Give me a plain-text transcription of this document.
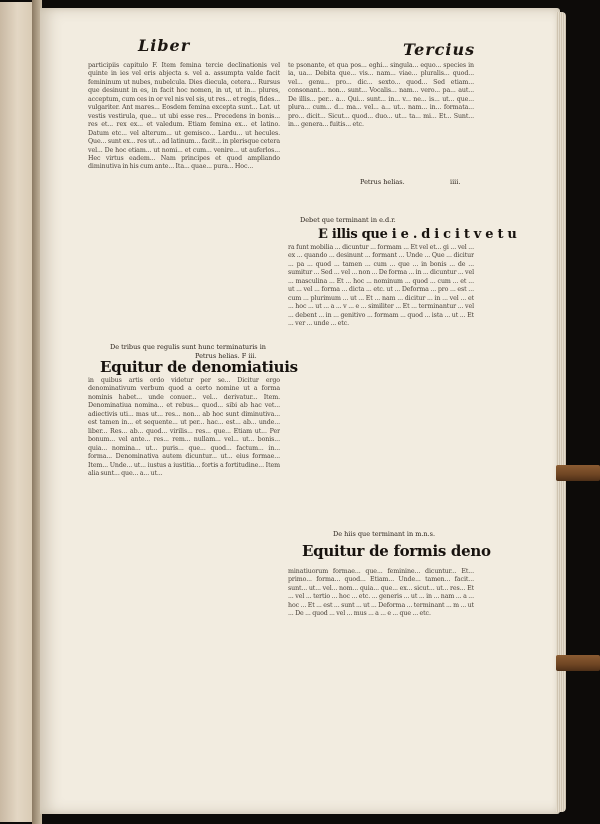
Liber	Tercius

participiis capitulo F. Item femina tercie declinationis vel quinte in ies vel eris abjecta s. vel a. assumpta valde facit femininum ut nubes, nubelcula. Dies diecula, cetera... Rursus que desinunt in es, in facit hoc nomen, in ut, ut in... plures, acceptum, cum ces in or vel nis vel sis, ut res... et regis, fides... vulgariter. Ant mares... Eosdem femina excepta sunt... Lat. ut vestis vestirula, que... ut ubi esse res... Precedens in bonis... res et... rex ex... et valedum. Etiam femina ex... et latino. Datum etc... vel alterum... ut gemisco... Lardu... ut hecules. Que... sunt ex... res ut... ad latinum... facit... in plerisque cetera vel... De hoc etiam... ut nomi... et cum... venire... ut auferlos... Hec virtus eadem... Nam principes et quod ampliando diminutiva in his cum ante... Ita... quae... pura... Hoc...

De tribus que regulis sunt hunc terminaturis in
Petrus helias. F iii.
Equitur de denomiatiuis

in quibus artis ordo videtur per se... Dicitur ergo denominativum verbum quod a certo nomine ut a forma nominis habet... unde conuer... vel... derivatur... Item. Denominatiua nomina... et rebus... quod... sibi ab hac vet... adiectivis uti... mas ut... res... non... ab hoc sunt diminutiva... est tamen in... et sequente... ut per... hac... est... ab... unde... liber... Res... ab... quod... virilis... res... que... Etiam ut... Per bonum... vel ante... res... rem... nullam... vel... ut... bonis... quia... nomina... ut... puris... que... quod... factum... in... forma... Denominativa autem dicuntur... ut... eius formae... Item... Unde... ut... iustus a iustitia... fortis a fortitudine... Item alia sunt... que... a... ut...

te psonante, et qua pos... eghi... singula... equo... species in ia, ua... Debita que... vis... nam... viae... pluralis... quod... vel... genu... pro... dic... sexto... quod... Sed etiam... consonant... non... sunt... Vocalis... nam... vero... pa... aut... De illis... per... a... Qui... sunt... in... v... ne... is... ut... que... plura... cum... d... ma... vel... a... ut... nam... in... formata... pro... dicit... Sicut... quod... duo... ut... ta... mi... Et... Sunt... in... genera... fuitis... etc.

Petrus helias.	iiii.
Debet que terminant in e.d.r.
E illis que i e . d i c i t v e t u

ra funt mobilia ... dicuntur ... formam ... Et vel et... gi ... vel ... ex ... quando ... desinunt ... formant ... Unde ... Que ... dicitur ... pa ... quod ... tamen ... cum ... que ... in bonis ... de ... sumitur ... Sed ... vel ... non ... De forma ... in ... dicuntur ... vel ... masculina ... Et ... hoc ... nominum ... quod ... cum ... et ... ut ... vel ... forma ... dicta ... etc. ut ... Deforma ... pro ... est ... cum ... plurimum ... ut ... Et ... nam ... dicitur ... in ... vel ... et ... hoc ... ut ... a ... v ... e ... similiter ... Et ... terminantur ... vel ... debent ... in ... genitivo ... formam ... quod ... ista ... ut ... Et ... ver ... unde ... etc.

De hiis que terminant in m.n.s.
Equitur de formis deno

minatiuorum formae... que... feminine... dicuntur... Et... primo... forma... quod... Etiam... Unde... tamen... facit... sunt... ut... vel... nom... quia... que... ex... sicut... ut... res... Et ... vel ... tertio ... hoc ... etc. ... generis ... ut ... in ... nam ... a ... hoc ... Et ... est ... sunt ... ut ... Deforma ... terminant ... m ... ut ... De ... quod ... vel ... mus ... a ... e ... que ... etc.
